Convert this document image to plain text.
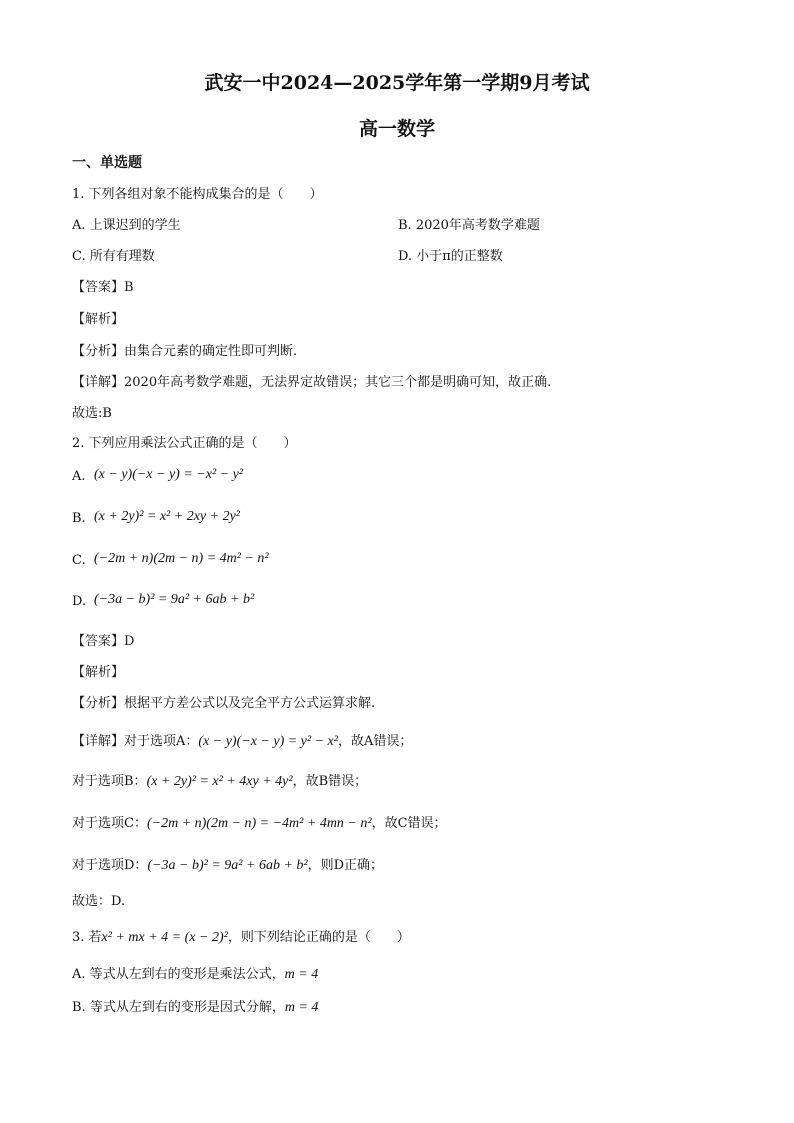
武安一中2024—2025学年第一学期9月考试
高一数学
一、单选题
1. 下列各组对象不能构成集合的是（　　）
A. 上课迟到的学生	B. 2020年高考数学难题
C. 所有有理数	D. 小于π的正整数
【答案】B
【解析】
【分析】由集合元素的确定性即可判断.
【详解】2020年高考数学难题，无法界定故错误；其它三个都是明确可知，故正确.
故选:B
2. 下列应用乘法公式正确的是（　　）
A. (x − y)(−x − y) = −x² − y²
B. (x + 2y)² = x² + 2xy + 2y²
C. (−2m + n)(2m − n) = 4m² − n²
D. (−3a − b)² = 9a² + 6ab + b²
【答案】D
【解析】
【分析】根据平方差公式以及完全平方公式运算求解.
【详解】对于选项A：(x − y)(−x − y) = y² − x²，故A错误；
对于选项B：(x + 2y)² = x² + 4xy + 4y²，故B错误；
对于选项C：(−2m + n)(2m − n) = −4m² + 4mn − n²，故C错误；
对于选项D：(−3a − b)² = 9a² + 6ab + b²，则D正确；
故选：D.
3. 若x² + mx + 4 = (x − 2)²，则下列结论正确的是（　　）
A. 等式从左到右的变形是乘法公式，m = 4
B. 等式从左到右的变形是因式分解，m = 4
